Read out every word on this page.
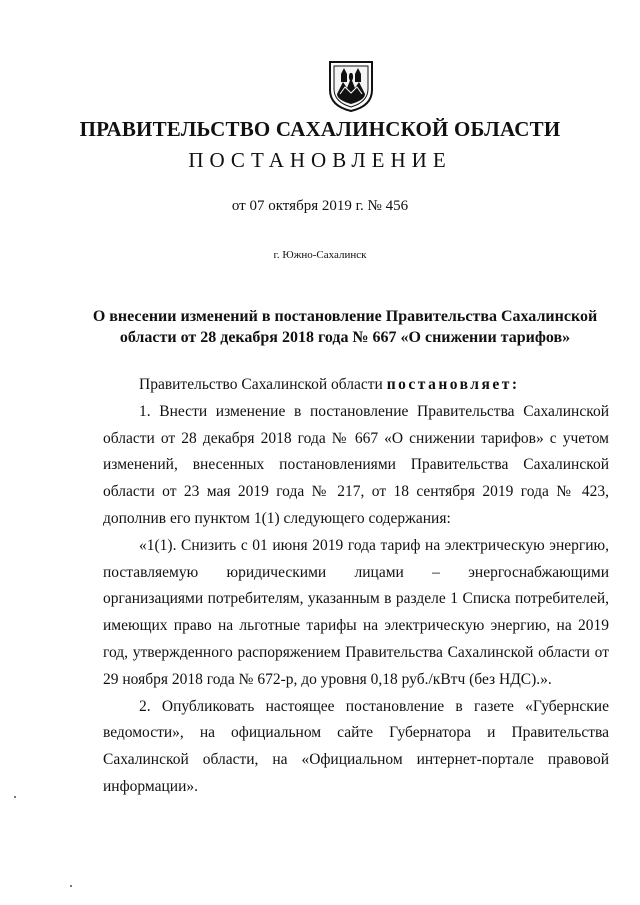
ПРАВИТЕЛЬСТВО САХАЛИНСКОЙ ОБЛАСТИ
ПОСТАНОВЛЕНИЕ
от 07 октября 2019 г. № 456
г. Южно-Сахалинск
О внесении изменений в постановление Правительства Сахалинской
области от 28 декабря 2018 года № 667 «О снижении тарифов»

Правительство Сахалинской области постановляет:

1. Внести изменение в постановление Правительства Сахалинской области от 28 декабря 2018 года № 667 «О снижении тарифов» с учетом изменений, внесенных постановлениями Правительства Сахалинской области от 23 мая 2019 года № 217, от 18 сентября 2019 года № 423, дополнив его пунктом 1(1) следующего содержания:

«1(1). Снизить с 01 июня 2019 года тариф на электрическую энергию, поставляемую юридическими лицами – энергоснабжающими организациями потребителям, указанным в разделе 1 Списка потребителей, имеющих право на льготные тарифы на электрическую энергию, на 2019 год, утвержденного распоряжением Правительства Сахалинской области от 29 ноября 2018 года № 672-р, до уровня 0,18 руб./кВтч (без НДС).».

2. Опубликовать настоящее постановление в газете «Губернские ведомости», на официальном сайте Губернатора и Правительства Сахалинской области, на «Официальном интернет-портале правовой информации».
